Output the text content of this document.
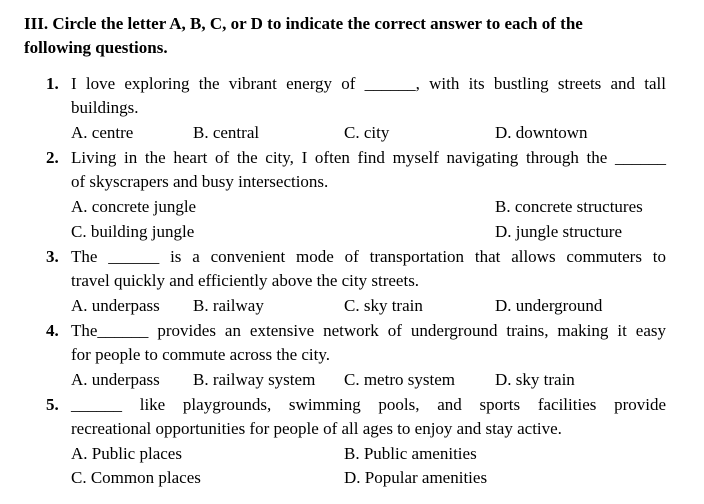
III. Circle the letter A, B, C, or D to indicate the correct answer to each of the
following questions.
1. I love exploring the vibrant energy of ______, with its bustling streets and tall
buildings.
A. centre	B. central	C. city	D. downtown
2. Living in the heart of the city, I often find myself navigating through the ______
of skyscrapers and busy intersections.
A. concrete jungle	B. concrete structures
C. building jungle	D. jungle structure
3. The ______ is a convenient mode of transportation that allows commuters to
travel quickly and efficiently above the city streets.
A. underpass B. railway	C. sky train	D. underground
4. The______ provides an extensive network of underground trains, making it easy
for people to commute across the city.
A. underpass B. railway system C. metro system D. sky train
5. ______ like playgrounds, swimming pools, and sports facilities provide
recreational opportunities for people of all ages to enjoy and stay active.
A. Public places	B. Public amenities
C. Common places	D. Popular amenities
